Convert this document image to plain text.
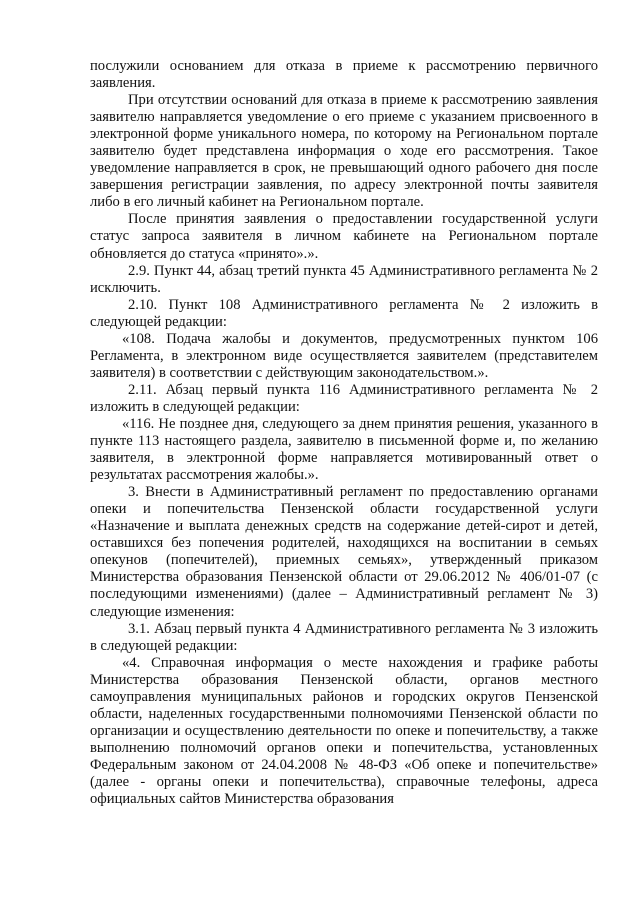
послужили основанием для отказа в приеме к рассмотрению первичного заявления.

При отсутствии оснований для отказа в приеме к рассмотрению заявления заявителю направляется уведомление о его приеме с указанием присвоенного в электронной форме уникального номера, по которому на Региональном портале заявителю будет представлена информация о ходе его рассмотрения. Такое уведомление направляется в срок, не превышающий одного рабочего дня после завершения регистрации заявления, по адресу электронной почты заявителя либо в его личный кабинет на Региональном портале.

После принятия заявления о предоставлении государственной услуги статус запроса заявителя в личном кабинете на Региональном портале обновляется до статуса «принято».».

2.9. Пункт 44, абзац третий пункта 45 Административного регламента № 2 исключить.

2.10. Пункт 108 Административного регламента № 2 изложить в следующей редакции:

«108. Подача жалобы и документов, предусмотренных пунктом 106 Регламента, в электронном виде осуществляется заявителем (представителем заявителя) в соответствии с действующим законодательством.».

2.11. Абзац первый пункта 116 Административного регламента № 2 изложить в следующей редакции:

«116. Не позднее дня, следующего за днем принятия решения, указанного в пункте 113 настоящего раздела, заявителю в письменной форме и, по желанию заявителя, в электронной форме направляется мотивированный ответ о результатах рассмотрения жалобы.».

3. Внести в Административный регламент по предоставлению органами опеки и попечительства Пензенской области государственной услуги «Назначение и выплата денежных средств на содержание детей-сирот и детей, оставшихся без попечения родителей, находящихся на воспитании в семьях опекунов (попечителей), приемных семьях», утвержденный приказом Министерства образования Пензенской области от 29.06.2012 № 406/01-07 (с последующими изменениями) (далее – Административный регламент № 3) следующие изменения:

3.1. Абзац первый пункта 4 Административного регламента № 3 изложить в следующей редакции:

«4. Справочная информация о месте нахождения и графике работы Министерства образования Пензенской области, органов местного самоуправления муниципальных районов и городских округов Пензенской области, наделенных государственными полномочиями Пензенской области по организации и осуществлению деятельности по опеке и попечительству, а также выполнению полномочий органов опеки и попечительства, установленных Федеральным законом от 24.04.2008 № 48-ФЗ «Об опеке и попечительстве» (далее - органы опеки и попечительства), справочные телефоны, адреса официальных сайтов Министерства образования
